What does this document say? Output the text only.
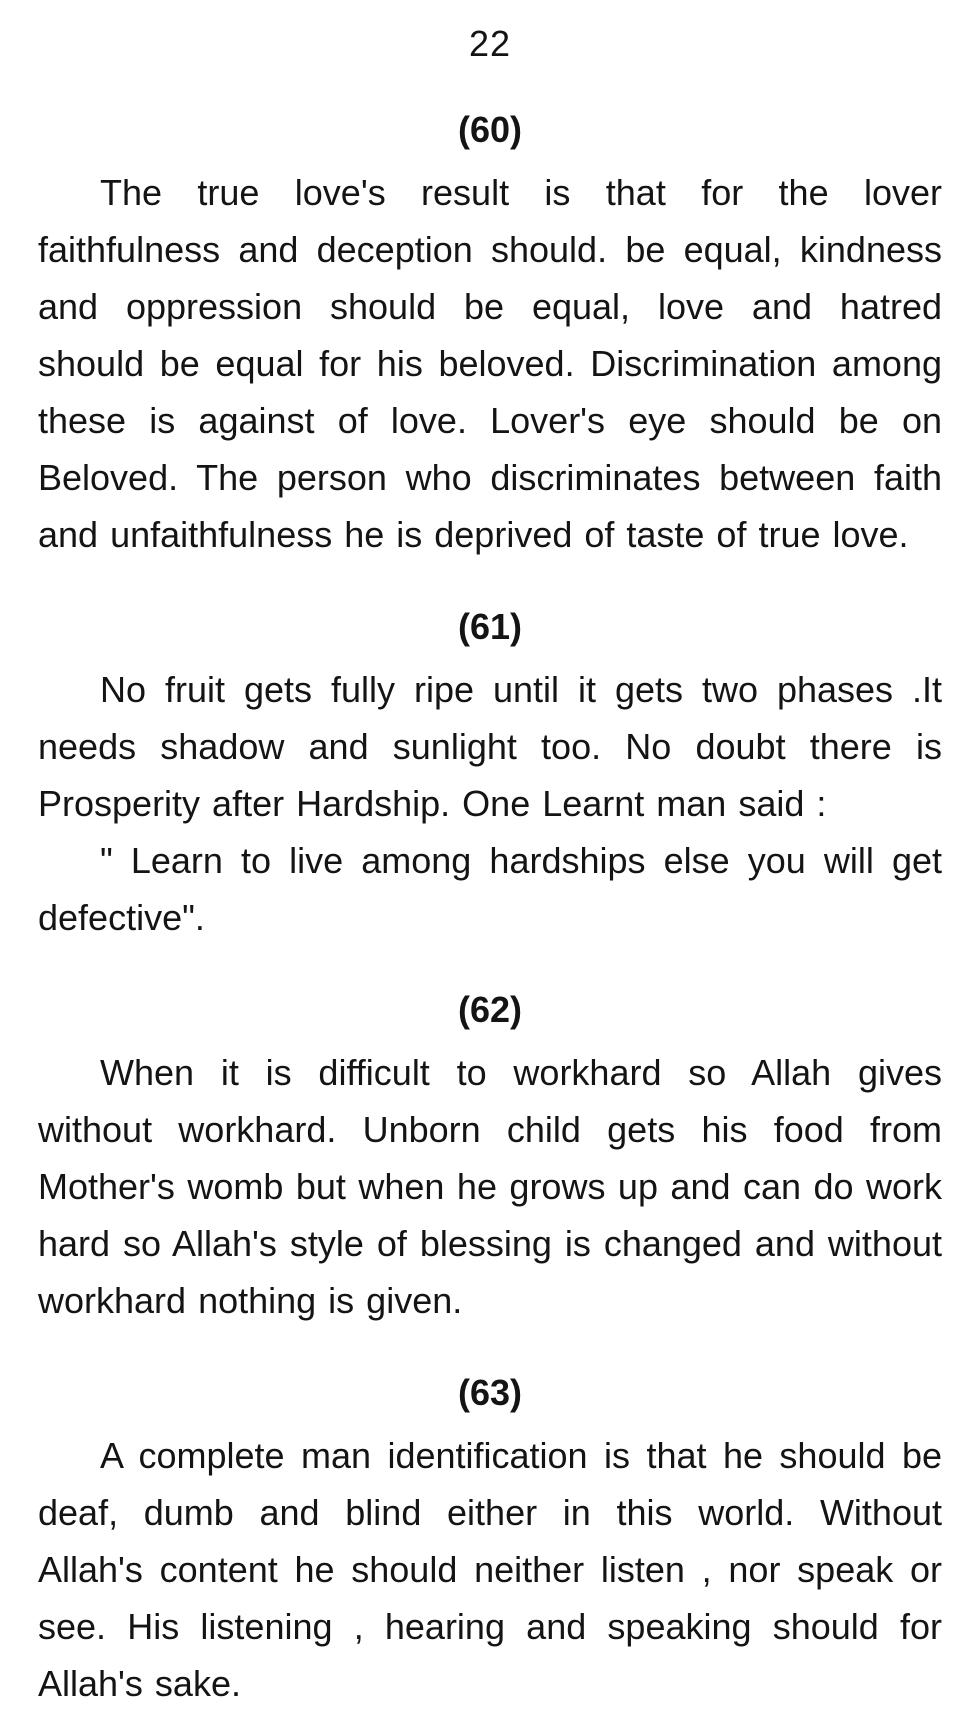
22
(60)

The true love's result is that for the lover faithfulness and deception should. be equal, kindness and oppression should be equal, love and hatred should be equal for his beloved. Discrimination among these is against of love. Lover's eye should be on Beloved. The person who discriminates between faith and unfaithfulness he is deprived of taste of true love.

(61)

No fruit gets fully ripe until it gets two phases .It needs shadow and sunlight too. No doubt there is Prosperity after Hardship. One Learnt man said :

" Learn to live among hardships else you will get defective".

(62)

When it is difficult to workhard so Allah gives without workhard. Unborn child gets his food from Mother's womb but when he grows up and can do work hard so Allah's style of blessing is changed and without workhard nothing is given.

(63)

A complete man identification is that he should be deaf, dumb and blind either in this world. Without Allah's content he should neither listen , nor speak or see. His listening , hearing and speaking should for Allah's sake.
